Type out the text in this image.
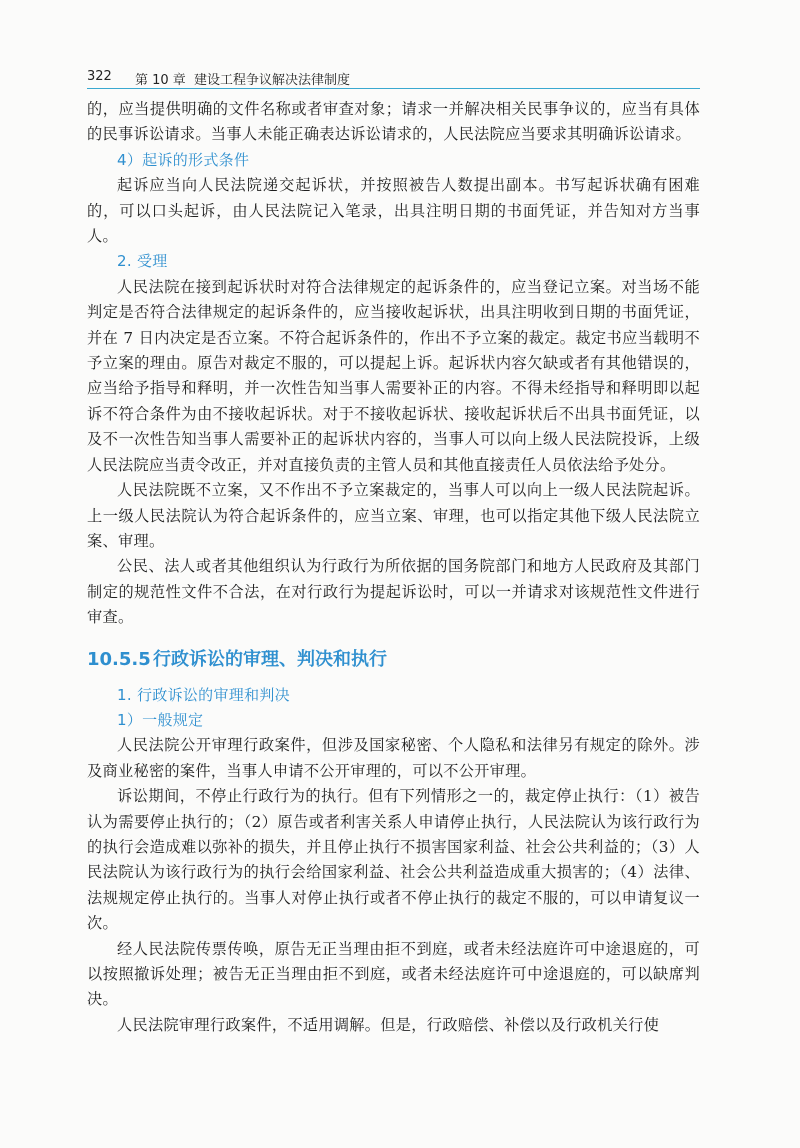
322 第 10 章 建设工程争议解决法律制度

的，应当提供明确的文件名称或者审查对象；请求一并解决相关民事争议的，应当有具体的民事诉讼请求。当事人未能正确表达诉讼请求的，人民法院应当要求其明确诉讼请求。

4）起诉的形式条件

起诉应当向人民法院递交起诉状，并按照被告人数提出副本。书写起诉状确有困难的，可以口头起诉，由人民法院记入笔录，出具注明日期的书面凭证，并告知对方当事人。

2. 受理

人民法院在接到起诉状时对符合法律规定的起诉条件的，应当登记立案。对当场不能判定是否符合法律规定的起诉条件的，应当接收起诉状，出具注明收到日期的书面凭证，并在 7 日内决定是否立案。不符合起诉条件的，作出不予立案的裁定。裁定书应当载明不予立案的理由。原告对裁定不服的，可以提起上诉。起诉状内容欠缺或者有其他错误的，应当给予指导和释明，并一次性告知当事人需要补正的内容。不得未经指导和释明即以起诉不符合条件为由不接收起诉状。对于不接收起诉状、接收起诉状后不出具书面凭证，以及不一次性告知当事人需要补正的起诉状内容的，当事人可以向上级人民法院投诉，上级人民法院应当责令改正，并对直接负责的主管人员和其他直接责任人员依法给予处分。

人民法院既不立案，又不作出不予立案裁定的，当事人可以向上一级人民法院起诉。上一级人民法院认为符合起诉条件的，应当立案、审理，也可以指定其他下级人民法院立案、审理。

公民、法人或者其他组织认为行政行为所依据的国务院部门和地方人民政府及其部门制定的规范性文件不合法，在对行政行为提起诉讼时，可以一并请求对该规范性文件进行审查。

10.5.5 行政诉讼的审理、判决和执行
1. 行政诉讼的审理和判决
1）一般规定

人民法院公开审理行政案件，但涉及国家秘密、个人隐私和法律另有规定的除外。涉及商业秘密的案件，当事人申请不公开审理的，可以不公开审理。

诉讼期间，不停止行政行为的执行。但有下列情形之一的，裁定停止执行：（1）被告认为需要停止执行的；（2）原告或者利害关系人申请停止执行，人民法院认为该行政行为的执行会造成难以弥补的损失，并且停止执行不损害国家利益、社会公共利益的；（3）人民法院认为该行政行为的执行会给国家利益、社会公共利益造成重大损害的；（4）法律、法规规定停止执行的。当事人对停止执行或者不停止执行的裁定不服的，可以申请复议一次。

经人民法院传票传唤，原告无正当理由拒不到庭，或者未经法庭许可中途退庭的，可以按照撤诉处理；被告无正当理由拒不到庭，或者未经法庭许可中途退庭的，可以缺席判决。

人民法院审理行政案件，不适用调解。但是，行政赔偿、补偿以及行政机关行使
